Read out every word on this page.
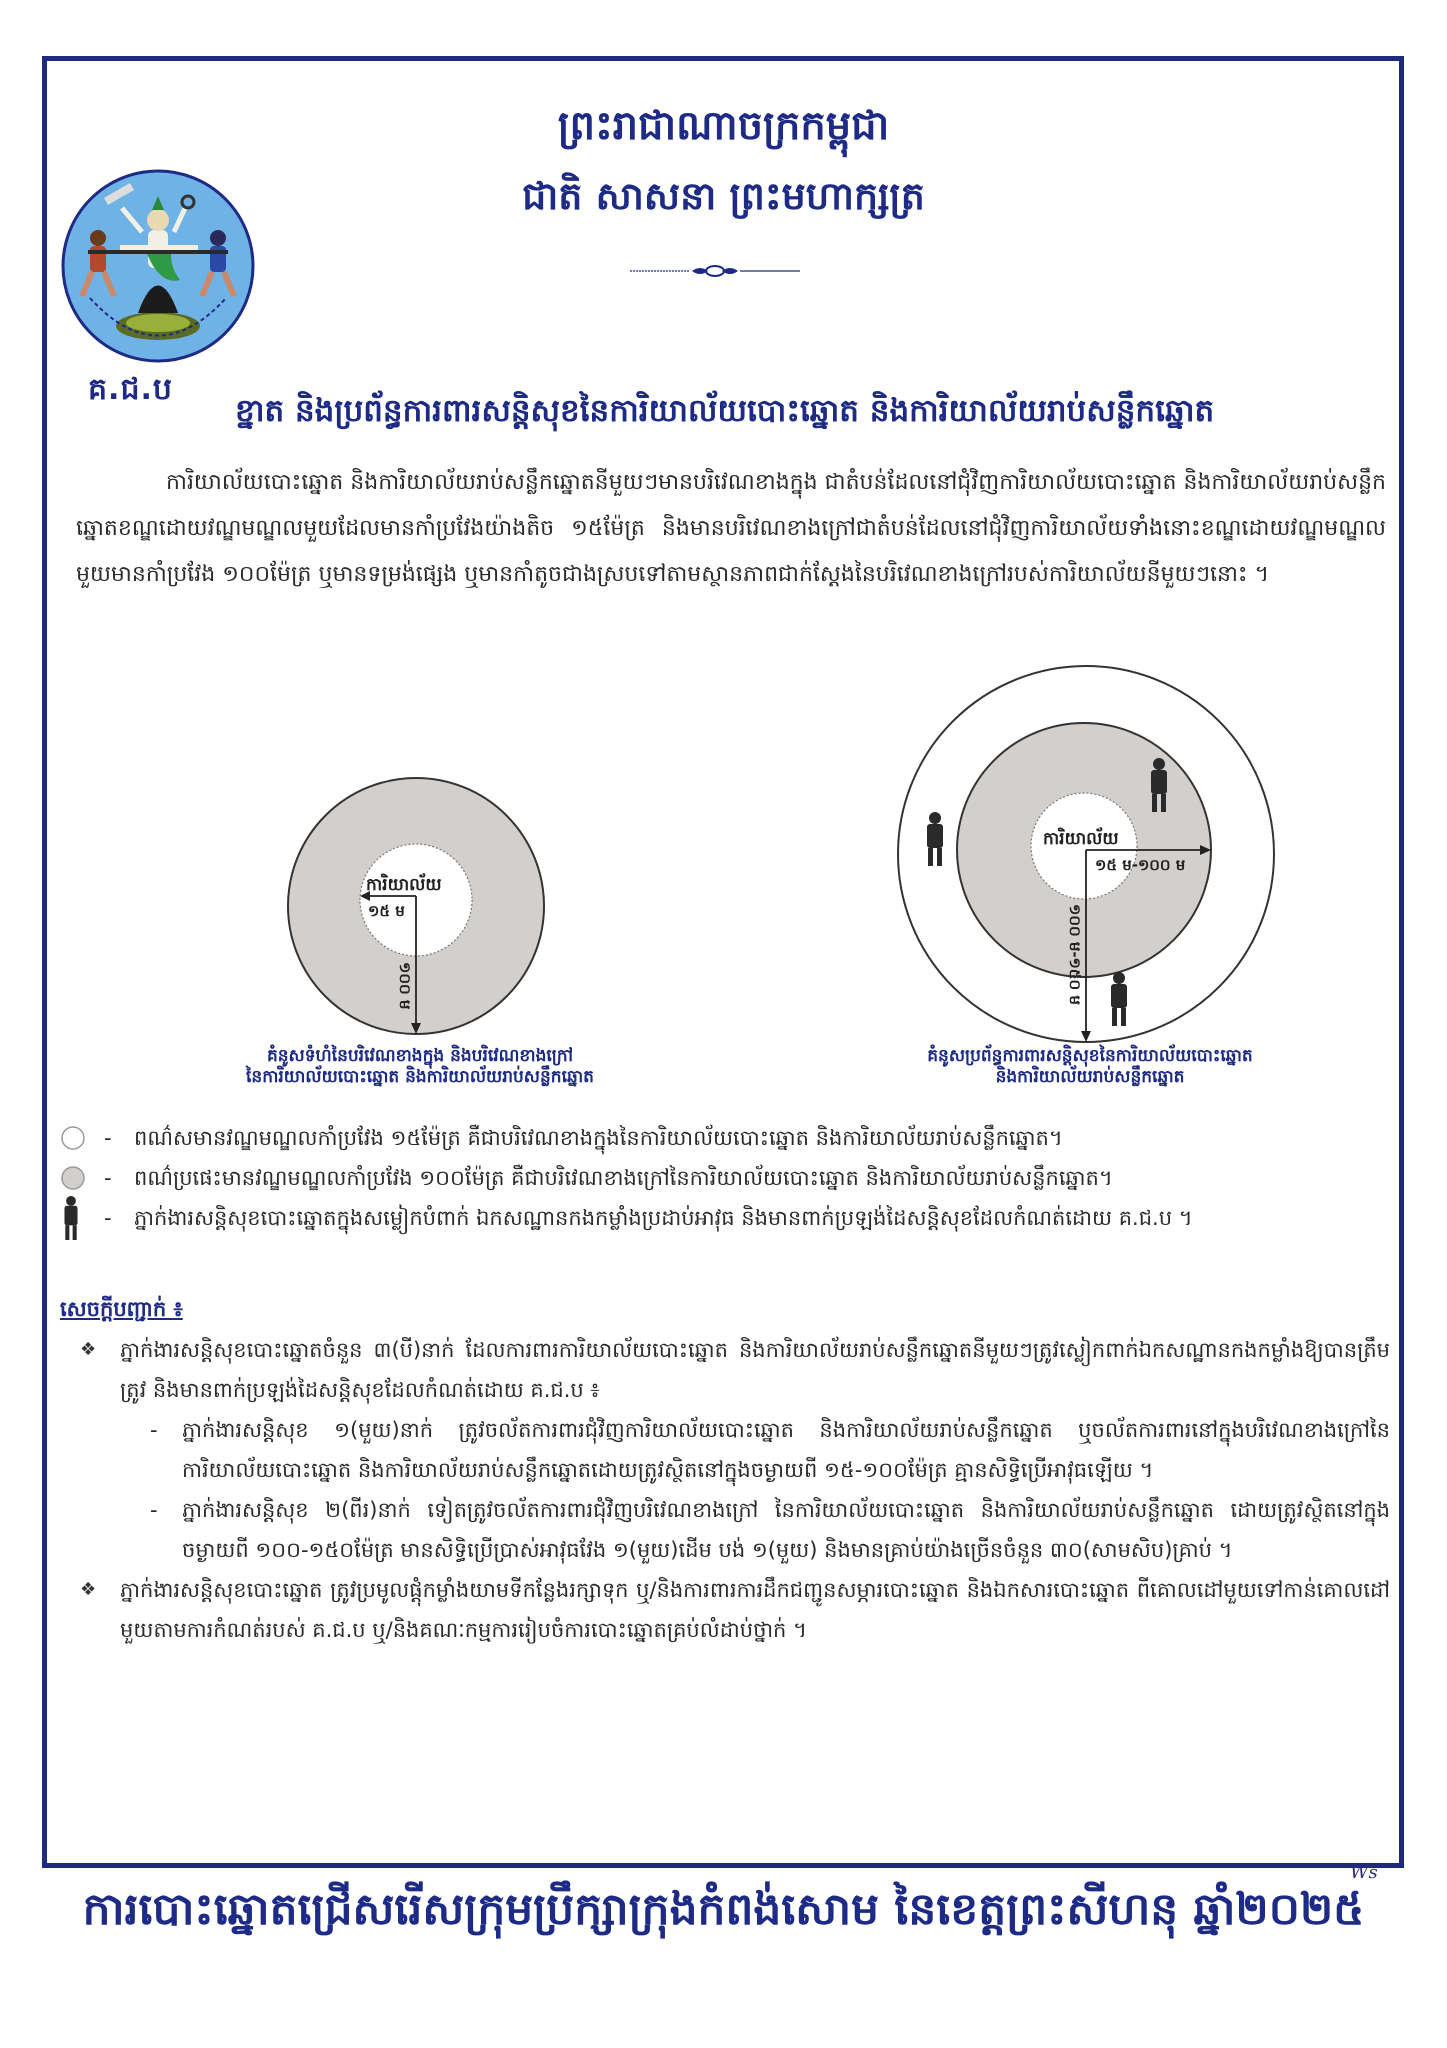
គ.ជ.ប
ព្រះរាជាណាចក្រកម្ពុជា
ជាតិ សាសនា ព្រះមហាក្សត្រ
ខ្នាត និងប្រព័ន្ធការពារសន្តិសុខនៃការិយាល័យបោះឆ្នោត និងការិយាល័យរាប់សន្លឹកឆ្នោត
ការិយាល័យបោះឆ្នោត និងការិយាល័យរាប់សន្លឹកឆ្នោតនីមួយៗមានបរិវេណខាងក្នុង ជាតំបន់ដែលនៅជុំវិញការិយាល័យបោះឆ្នោត និងការិយាល័យរាប់សន្លឹកឆ្នោតខណ្ឌដោយវណ្ឌមណ្ឌលមួយដែលមានកាំប្រវែងយ៉ាងតិច ១៥ម៉ែត្រ និងមានបរិវេណខាងក្រៅជាតំបន់ដែលនៅជុំវិញការិយាល័យទាំងនោះខណ្ឌដោយវណ្ឌមណ្ឌលមួយមានកាំប្រវែង ១០០ម៉ែត្រ ឬមានទម្រង់ផ្សេង ឬមានកាំតូចជាងស្របទៅតាមស្ថានភាពជាក់ស្តែងនៃបរិវេណខាងក្រៅរបស់ការិយាល័យនីមួយៗនោះ ។
ការិយាល័យ
១៥ ម
១០០ ម
គំនូសទំហំនៃបរិវេណខាងក្នុង និងបរិវេណខាងក្រៅ
នៃការិយាល័យបោះឆ្នោត និងការិយាល័យរាប់សន្លឹកឆ្នោត
ការិយាល័យ
១៥ ម-១០០ ម
១០០ ម-១៥០ ម
គំនូសប្រព័ន្ធការពារសន្តិសុខនៃការិយាល័យបោះឆ្នោត
និងការិយាល័យរាប់សន្លឹកឆ្នោត
-	ពណ៌សមានវណ្ឌមណ្ឌលកាំប្រវែង ១៥ម៉ែត្រ គឺជាបរិវេណខាងក្នុងនៃការិយាល័យបោះឆ្នោត និងការិយាល័យរាប់សន្លឹកឆ្នោត។
-	ពណ៌ប្រផេះមានវណ្ឌមណ្ឌលកាំប្រវែង ១០០ម៉ែត្រ គឺជាបរិវេណខាងក្រៅនៃការិយាល័យបោះឆ្នោត និងការិយាល័យរាប់សន្លឹកឆ្នោត។
-	ភ្នាក់ងារសន្តិសុខបោះឆ្នោតក្នុងសម្លៀកបំពាក់ ឯកសណ្ឋានកងកម្លាំងប្រដាប់អាវុធ និងមានពាក់ប្រឡង់ដៃសន្តិសុខដែលកំណត់ដោយ គ.ជ.ប ។
សេចក្តីបញ្ជាក់ ៖
❖	ភ្នាក់ងារសន្តិសុខបោះឆ្នោតចំនួន ៣(បី)នាក់ ដែលការពារការិយាល័យបោះឆ្នោត និងការិយាល័យរាប់សន្លឹកឆ្នោតនីមួយៗត្រូវស្លៀកពាក់ឯកសណ្ឋានកងកម្លាំងឱ្យបានត្រឹមត្រូវ និងមានពាក់ប្រឡង់ដៃសន្តិសុខដែលកំណត់ដោយ គ.ជ.ប ៖
-	ភ្នាក់ងារសន្តិសុខ ១(មួយ)នាក់ ត្រូវចល័តការពារជុំវិញការិយាល័យបោះឆ្នោត និងការិយាល័យរាប់សន្លឹកឆ្នោត ឬចល័តការពារនៅក្នុងបរិវេណខាងក្រៅនៃការិយាល័យបោះឆ្នោត និងការិយាល័យរាប់សន្លឹកឆ្នោតដោយត្រូវស្ថិតនៅក្នុងចម្ងាយពី ១៥-១០០ម៉ែត្រ គ្មានសិទ្ធិប្រើអាវុធឡើយ ។
-	ភ្នាក់ងារសន្តិសុខ ២(ពីរ)នាក់ ទៀតត្រូវចល័តការពារជុំវិញបរិវេណខាងក្រៅ នៃការិយាល័យបោះឆ្នោត និងការិយាល័យរាប់សន្លឹកឆ្នោត ដោយត្រូវស្ថិតនៅក្នុងចម្ងាយពី ១០០-១៥០ម៉ែត្រ មានសិទ្ធិប្រើប្រាស់អាវុធវែង ១(មួយ)ដើម បង់ ១(មួយ) និងមានគ្រាប់យ៉ាងច្រើនចំនួន ៣០(សាមសិប)គ្រាប់ ។
❖	ភ្នាក់ងារសន្តិសុខបោះឆ្នោត ត្រូវប្រមូលផ្តុំកម្លាំងយាមទីកន្លែងរក្សាទុក ឬ/និងការពារការដឹកជញ្ជូនសម្ភារបោះឆ្នោត និងឯកសារបោះឆ្នោត ពីគោលដៅមួយទៅកាន់គោលដៅមួយតាមការកំណត់របស់ គ.ជ.ប ឬ/និងគណៈកម្មការរៀបចំការបោះឆ្នោតគ្រប់លំដាប់ថ្នាក់ ។
Ws
ការបោះឆ្នោតជ្រើសរើសក្រុមប្រឹក្សាក្រុងកំពង់សោម នៃខេត្តព្រះសីហនុ ឆ្នាំ២០២៥
